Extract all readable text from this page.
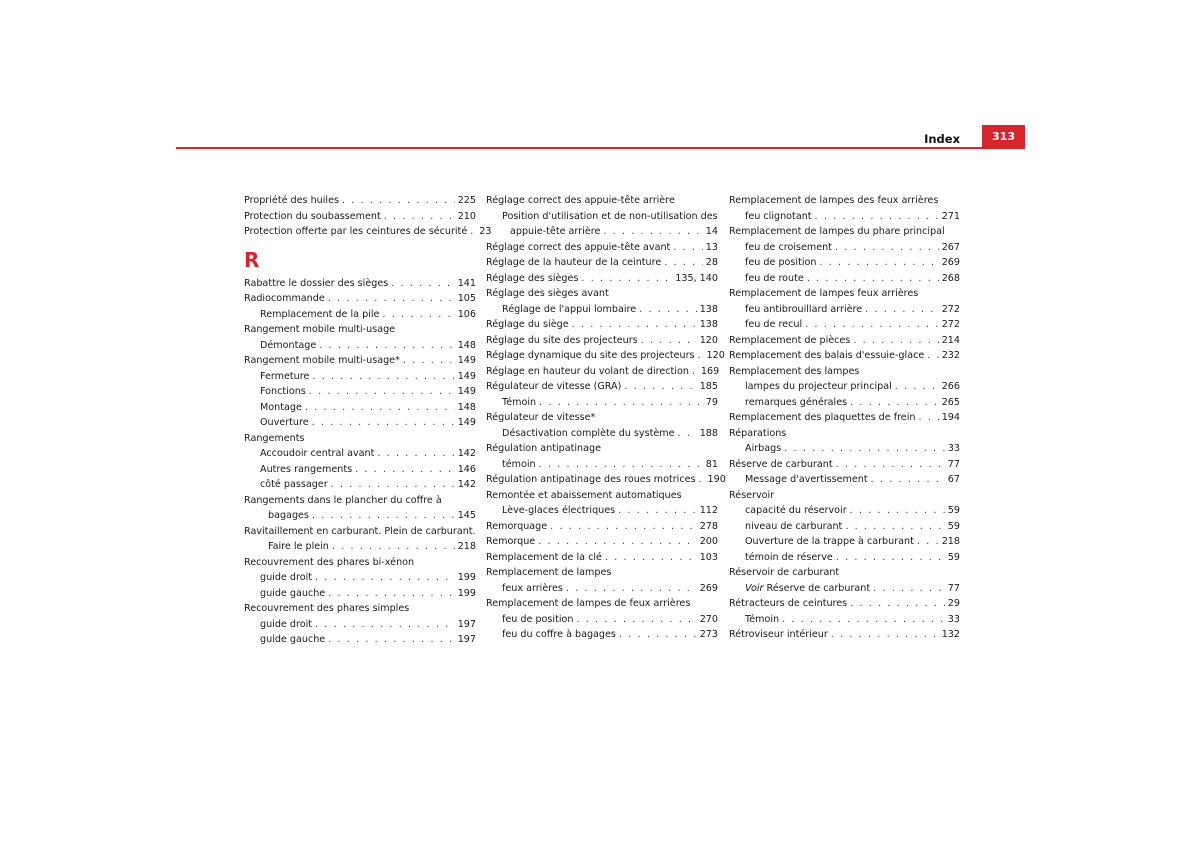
Index	313
Propriété des huiles . . .	225
Protection du soubassement . . .	210
Protection offerte par les ceintures de sécurité . . . 23
R
Rabattre le dossier des sièges . . .	141
Radiocommande . . .	105
Remplacement de la pile . . .	106
Rangement mobile multi-usage
Démontage . . .	148
Rangement mobile multi-usage* . . .	149
Fermeture . . .	149
Fonctions . . .	149
Montage . . .	148
Ouverture . . .	149
Rangements
Accoudoir central avant . . .	142
Autres rangements . . .	146
côté passager . . .	142
Rangements dans le plancher du coffre à
bagages . . .	145
Ravitaillement en carburant. Plein de carburant.
Faire le plein . . .	218
Recouvrement des phares bi-xénon
guide droit . . .	199
guide gauche . . .	199
Recouvrement des phares simples
guide droit . . .	197
guide gauche . . .	197
Réglage correct des appuie-tête arrière
Position d'utilisation et de non-utilisation des
appuie-tête arrière . . .	14
Réglage correct des appuie-tête avant . . .	13
Réglage de la hauteur de la ceinture . . .	28
Réglage des sièges . . .	135, 140
Réglage des sièges avant
Réglage de l'appui lombaire . . .	138
Réglage du siège . . .	138
Réglage du site des projecteurs . . .	120
Réglage dynamique du site des projecteurs . . . 120
Réglage en hauteur du volant de direction . . . 169
Régulateur de vitesse (GRA) . . .	185
Témoin . . .	79
Régulateur de vitesse*
Désactivation complète du système . . .	188
Régulation antipatinage
témoin . . .	81
Régulation antipatinage des roues motrices . . . 190
Remontée et abaissement automatiques
Lève-glaces électriques . . .	112
Remorquage . . .	278
Remorque . . .	200
Remplacement de la clé . . .	103
Remplacement de lampes
feux arrières . . .	269
Remplacement de lampes de feux arrières
feu de position . . .	270
feu du coffre à bagages . . .	273
Remplacement de lampes des feux arrières
feu clignotant . . .	271
Remplacement de lampes du phare principal
feu de croisement . . .	267
feu de position . . .	269
feu de route . . .	268
Remplacement de lampes feux arrières
feu antibrouillard arrière . . .	272
feu de recul . . .	272
Remplacement de pièces . . .	214
Remplacement des balais d'essuie-glace . . . 232
Remplacement des lampes
lampes du projecteur principal . . .	266
remarques générales . . .	265
Remplacement des plaquettes de frein . . .	194
Réparations
Airbags . . .	33
Réserve de carburant . . .	77
Message d'avertissement . . .	67
Réservoir
capacité du réservoir . . .	59
niveau de carburant . . .	59
Ouverture de la trappe à carburant . . .	218
témoin de réserve . . .	59
Réservoir de carburant
Voir Réserve de carburant . . .	77
Rétracteurs de ceintures . . .	29
Témoin . . .	33
Rétroviseur intérieur . . .	132
